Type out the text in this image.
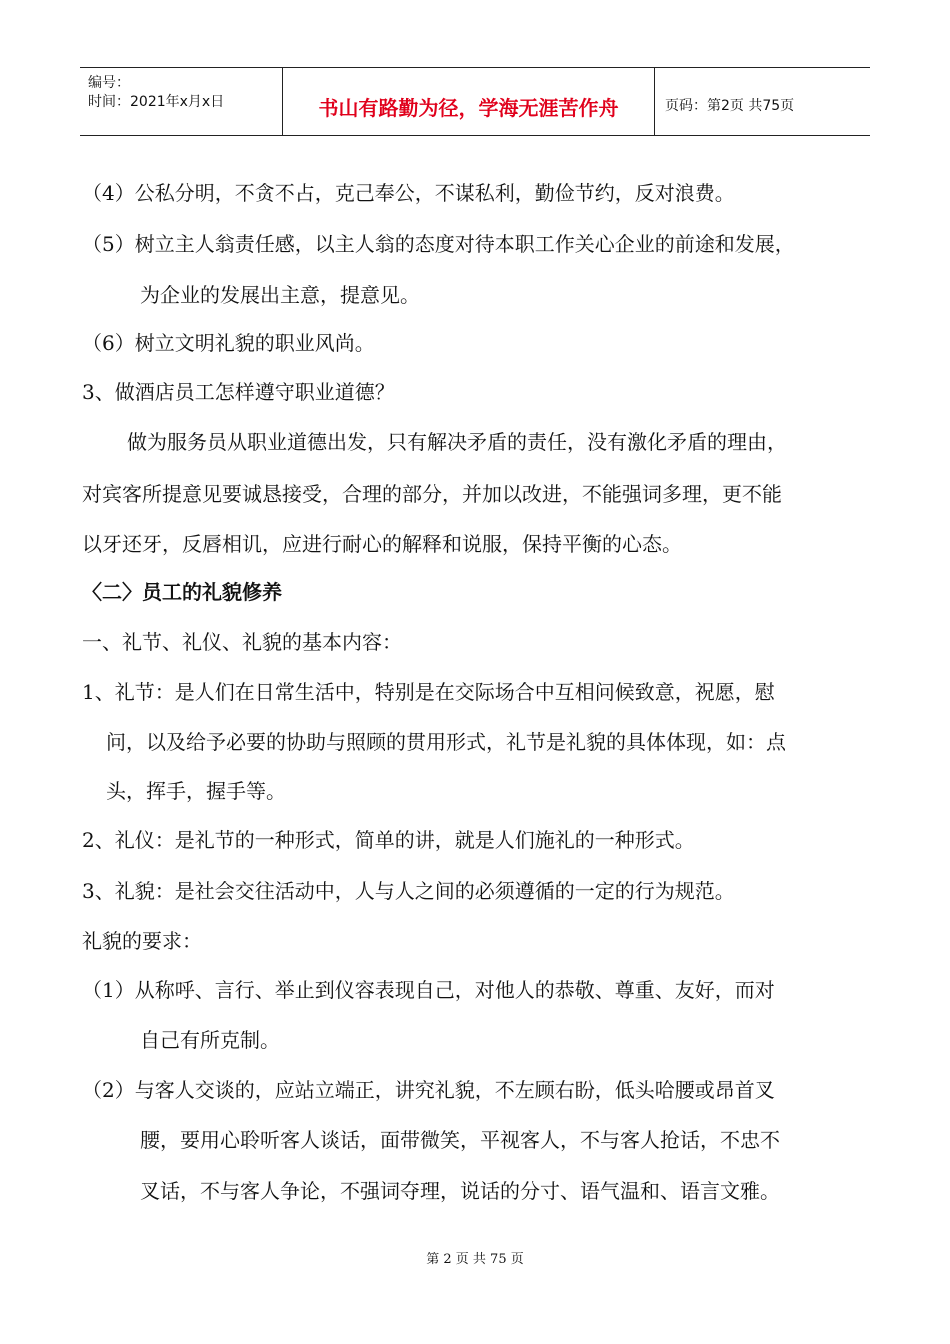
编号：
时间：2021年x月x日	书山有路勤为径，学海无涯苦作舟	页码：第2页 共75页
（4）公私分明，不贪不占，克己奉公，不谋私利，勤俭节约，反对浪费。
（5）树立主人翁责任感，以主人翁的态度对待本职工作关心企业的前途和发展，
为企业的发展出主意，提意见。
（6）树立文明礼貌的职业风尚。
3、做酒店员工怎样遵守职业道德？
做为服务员从职业道德出发，只有解决矛盾的责任，没有激化矛盾的理由，
对宾客所提意见要诚恳接受，合理的部分，并加以改进，不能强词多理，更不能
以牙还牙，反唇相讥，应进行耐心的解释和说服，保持平衡的心态。
〈二〉员工的礼貌修养
一、礼节、礼仪、礼貌的基本内容：
1、礼节：是人们在日常生活中，特别是在交际场合中互相问候致意，祝愿，慰
问，以及给予必要的协助与照顾的贯用形式，礼节是礼貌的具体体现，如：点
头，挥手，握手等。
2、礼仪：是礼节的一种形式，简单的讲，就是人们施礼的一种形式。
3、礼貌：是社会交往活动中，人与人之间的必须遵循的一定的行为规范。
礼貌的要求：
（1）从称呼、言行、举止到仪容表现自己，对他人的恭敬、尊重、友好，而对
自己有所克制。
（2）与客人交谈的，应站立端正，讲究礼貌，不左顾右盼，低头哈腰或昂首叉
腰，要用心聆听客人谈话，面带微笑，平视客人，不与客人抢话，不忠不
叉话，不与客人争论，不强词夺理，说话的分寸、语气温和、语言文雅。
第 2 页 共 75 页
